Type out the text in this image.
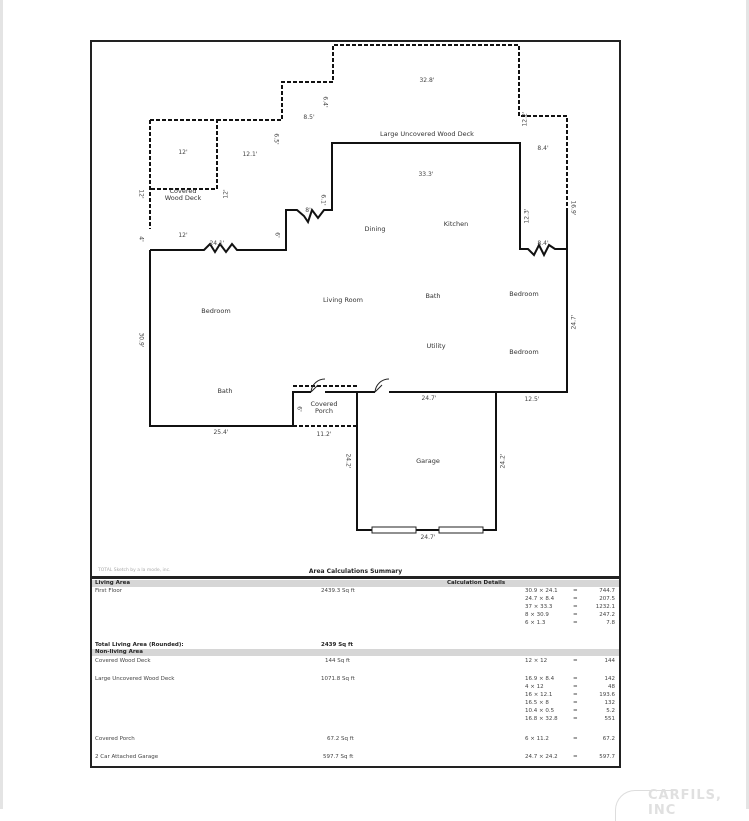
Large Uncovered Wood Deck
Covered
Wood Deck
Dining
Kitchen
Living Room	Bath	Bedroom
Bedroom
Utility
Bedroom
Bath
Covered
Porch
Garage
32.8'
8.5'
6.4'
6.5'
12.1'
12.2'
8.4'
16.9'
12'
12'	12'
12'
4'
33.3'
24.1'
8'
6.1'
6'
12.3'
8.4'
30.9'
24.7'
25.4'	11.2'
6'
24.7'	12.5'
24.2'	24.2'
24.7'
TOTAL Sketch by a la mode, inc.	Area Calculations Summary
Living Area	Calculation Details
First Floor	2439.3 Sq ft	30.9 × 24.1	=	744.7
24.7 × 8.4	=	207.5
37 × 33.3	=	1232.1
8 × 30.9	=	247.2
6 × 1.3	=	7.8
Total Living Area (Rounded):	2439 Sq ft
Non-living Area
Covered Wood Deck	144 Sq ft	12 × 12	=	144
Large Uncovered Wood Deck	1071.8 Sq ft	16.9 × 8.4	=	142
4 × 12	=	48
16 × 12.1	=	193.6
16.5 × 8	=	132
10.4 × 0.5	=	5.2
16.8 × 32.8	=	551
Covered Porch	67.2 Sq ft	6 × 11.2	=	67.2
2 Car Attached Garage	597.7 Sq ft	24.7 × 24.2	=	597.7
CARFILS, INC
